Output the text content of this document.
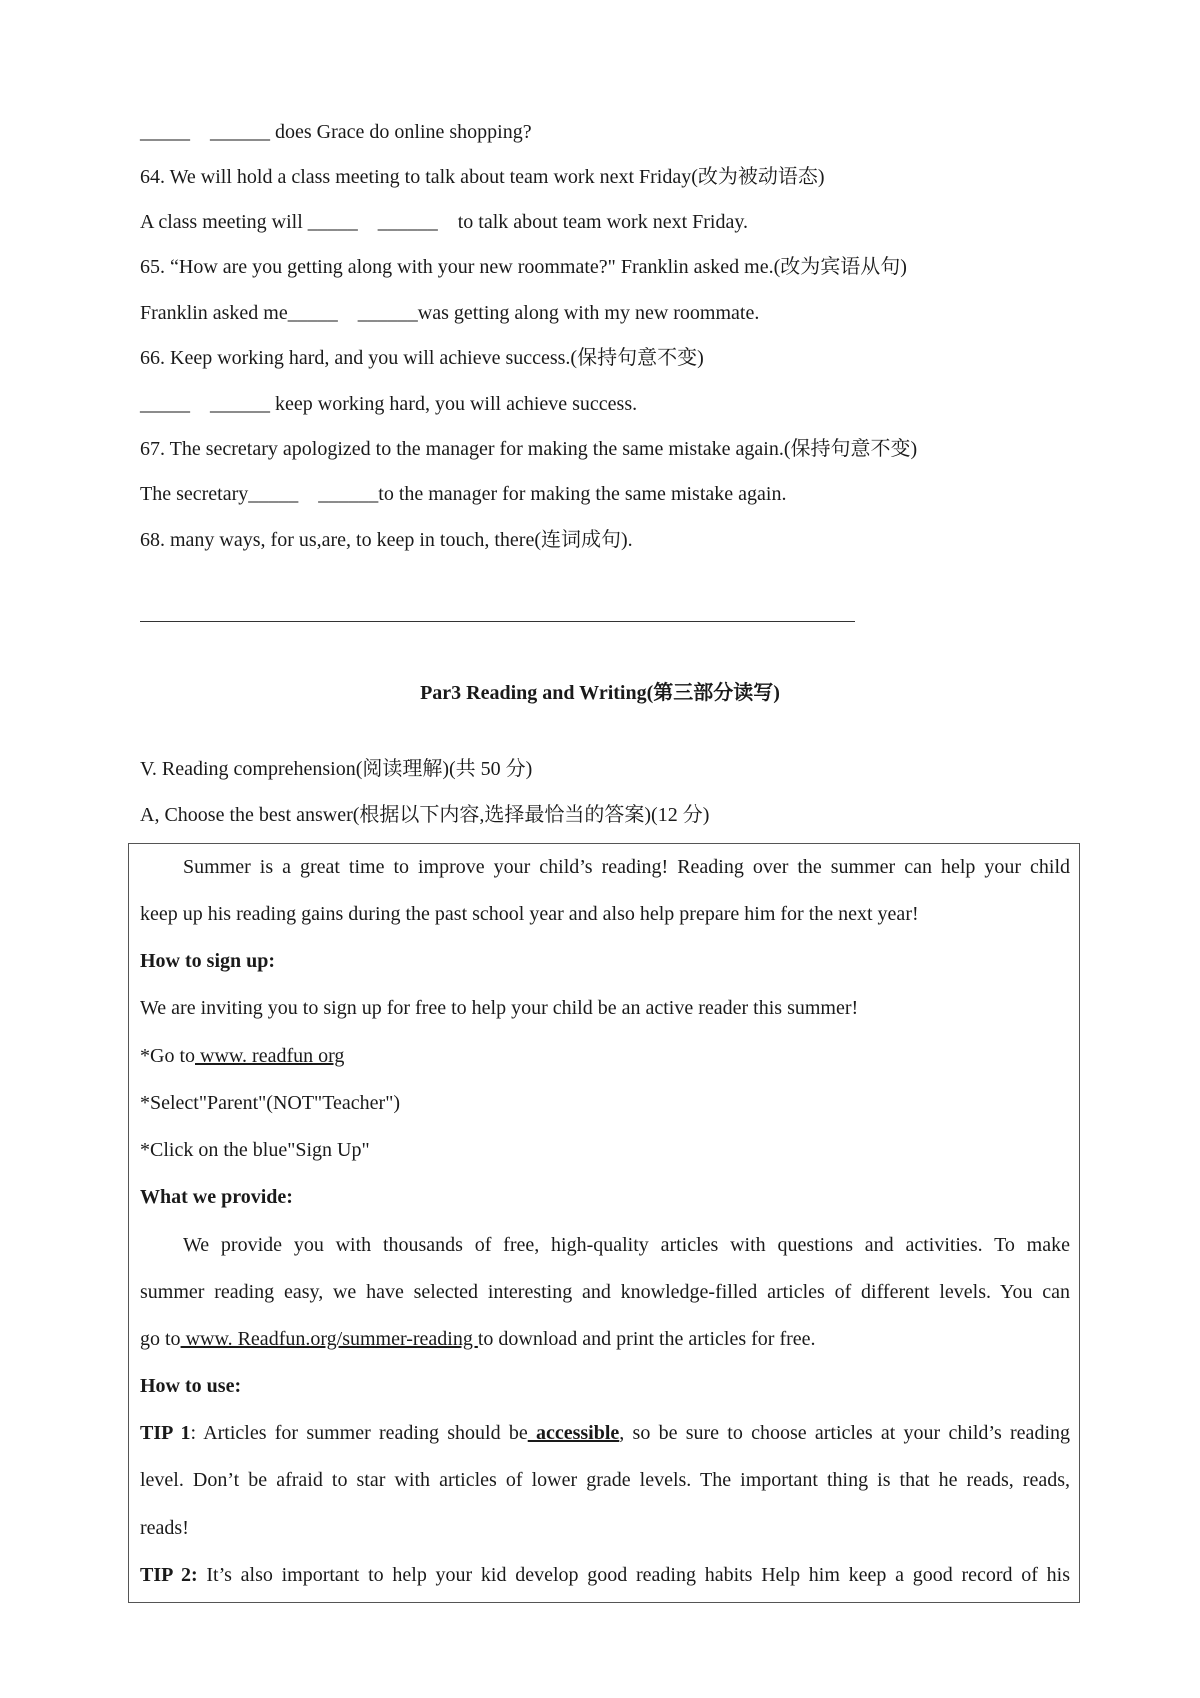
_____    ______ does Grace do online shopping?
64. We will hold a class meeting to talk about team work next Friday(改为被动语态)
A class meeting will _____    ______    to talk about team work next Friday.
65. “How are you getting along with your new roommate?" Franklin asked me.(改为宾语从句)
Franklin asked me_____    ______was getting along with my new roommate.
66. Keep working hard, and you will achieve success.(保持句意不变)
_____    ______ keep working hard, you will achieve success.
67. The secretary apologized to the manager for making the same mistake again.(保持句意不变)
The secretary_____    ______to the manager for making the same mistake again.
68. many ways, for us,are, to keep in touch, there(连词成句).
Par3 Reading and Writing(第三部分读写)
V. Reading comprehension(阅读理解)(共 50 分)
A, Choose the best answer(根据以下内容,选择最恰当的答案)(12 分)

Summer is a great time to improve your child’s reading! Reading over the summer can help your child

keep up his reading gains during the past school year and also help prepare him for the next year!

How to sign up:

We are inviting you to sign up for free to help your child be an active reader this summer!

*Go to www. readfun org

*Select"Parent"(NOT"Teacher")

*Click on the blue"Sign Up"

What we provide:

We provide you with thousands of free, high-quality articles with questions and activities. To make

summer reading easy, we have selected interesting and knowledge-filled articles of different levels. You can

go to www. Readfun.org/summer-reading to download and print the articles for free.

How to use:

TIP 1: Articles for summer reading should be accessible, so be sure to choose articles at your child’s reading

level. Don’t be afraid to star with articles of lower grade levels. The important thing is that he reads, reads,

reads!

TIP 2: It’s also important to help your kid develop good reading habits Help him keep a good record of his
